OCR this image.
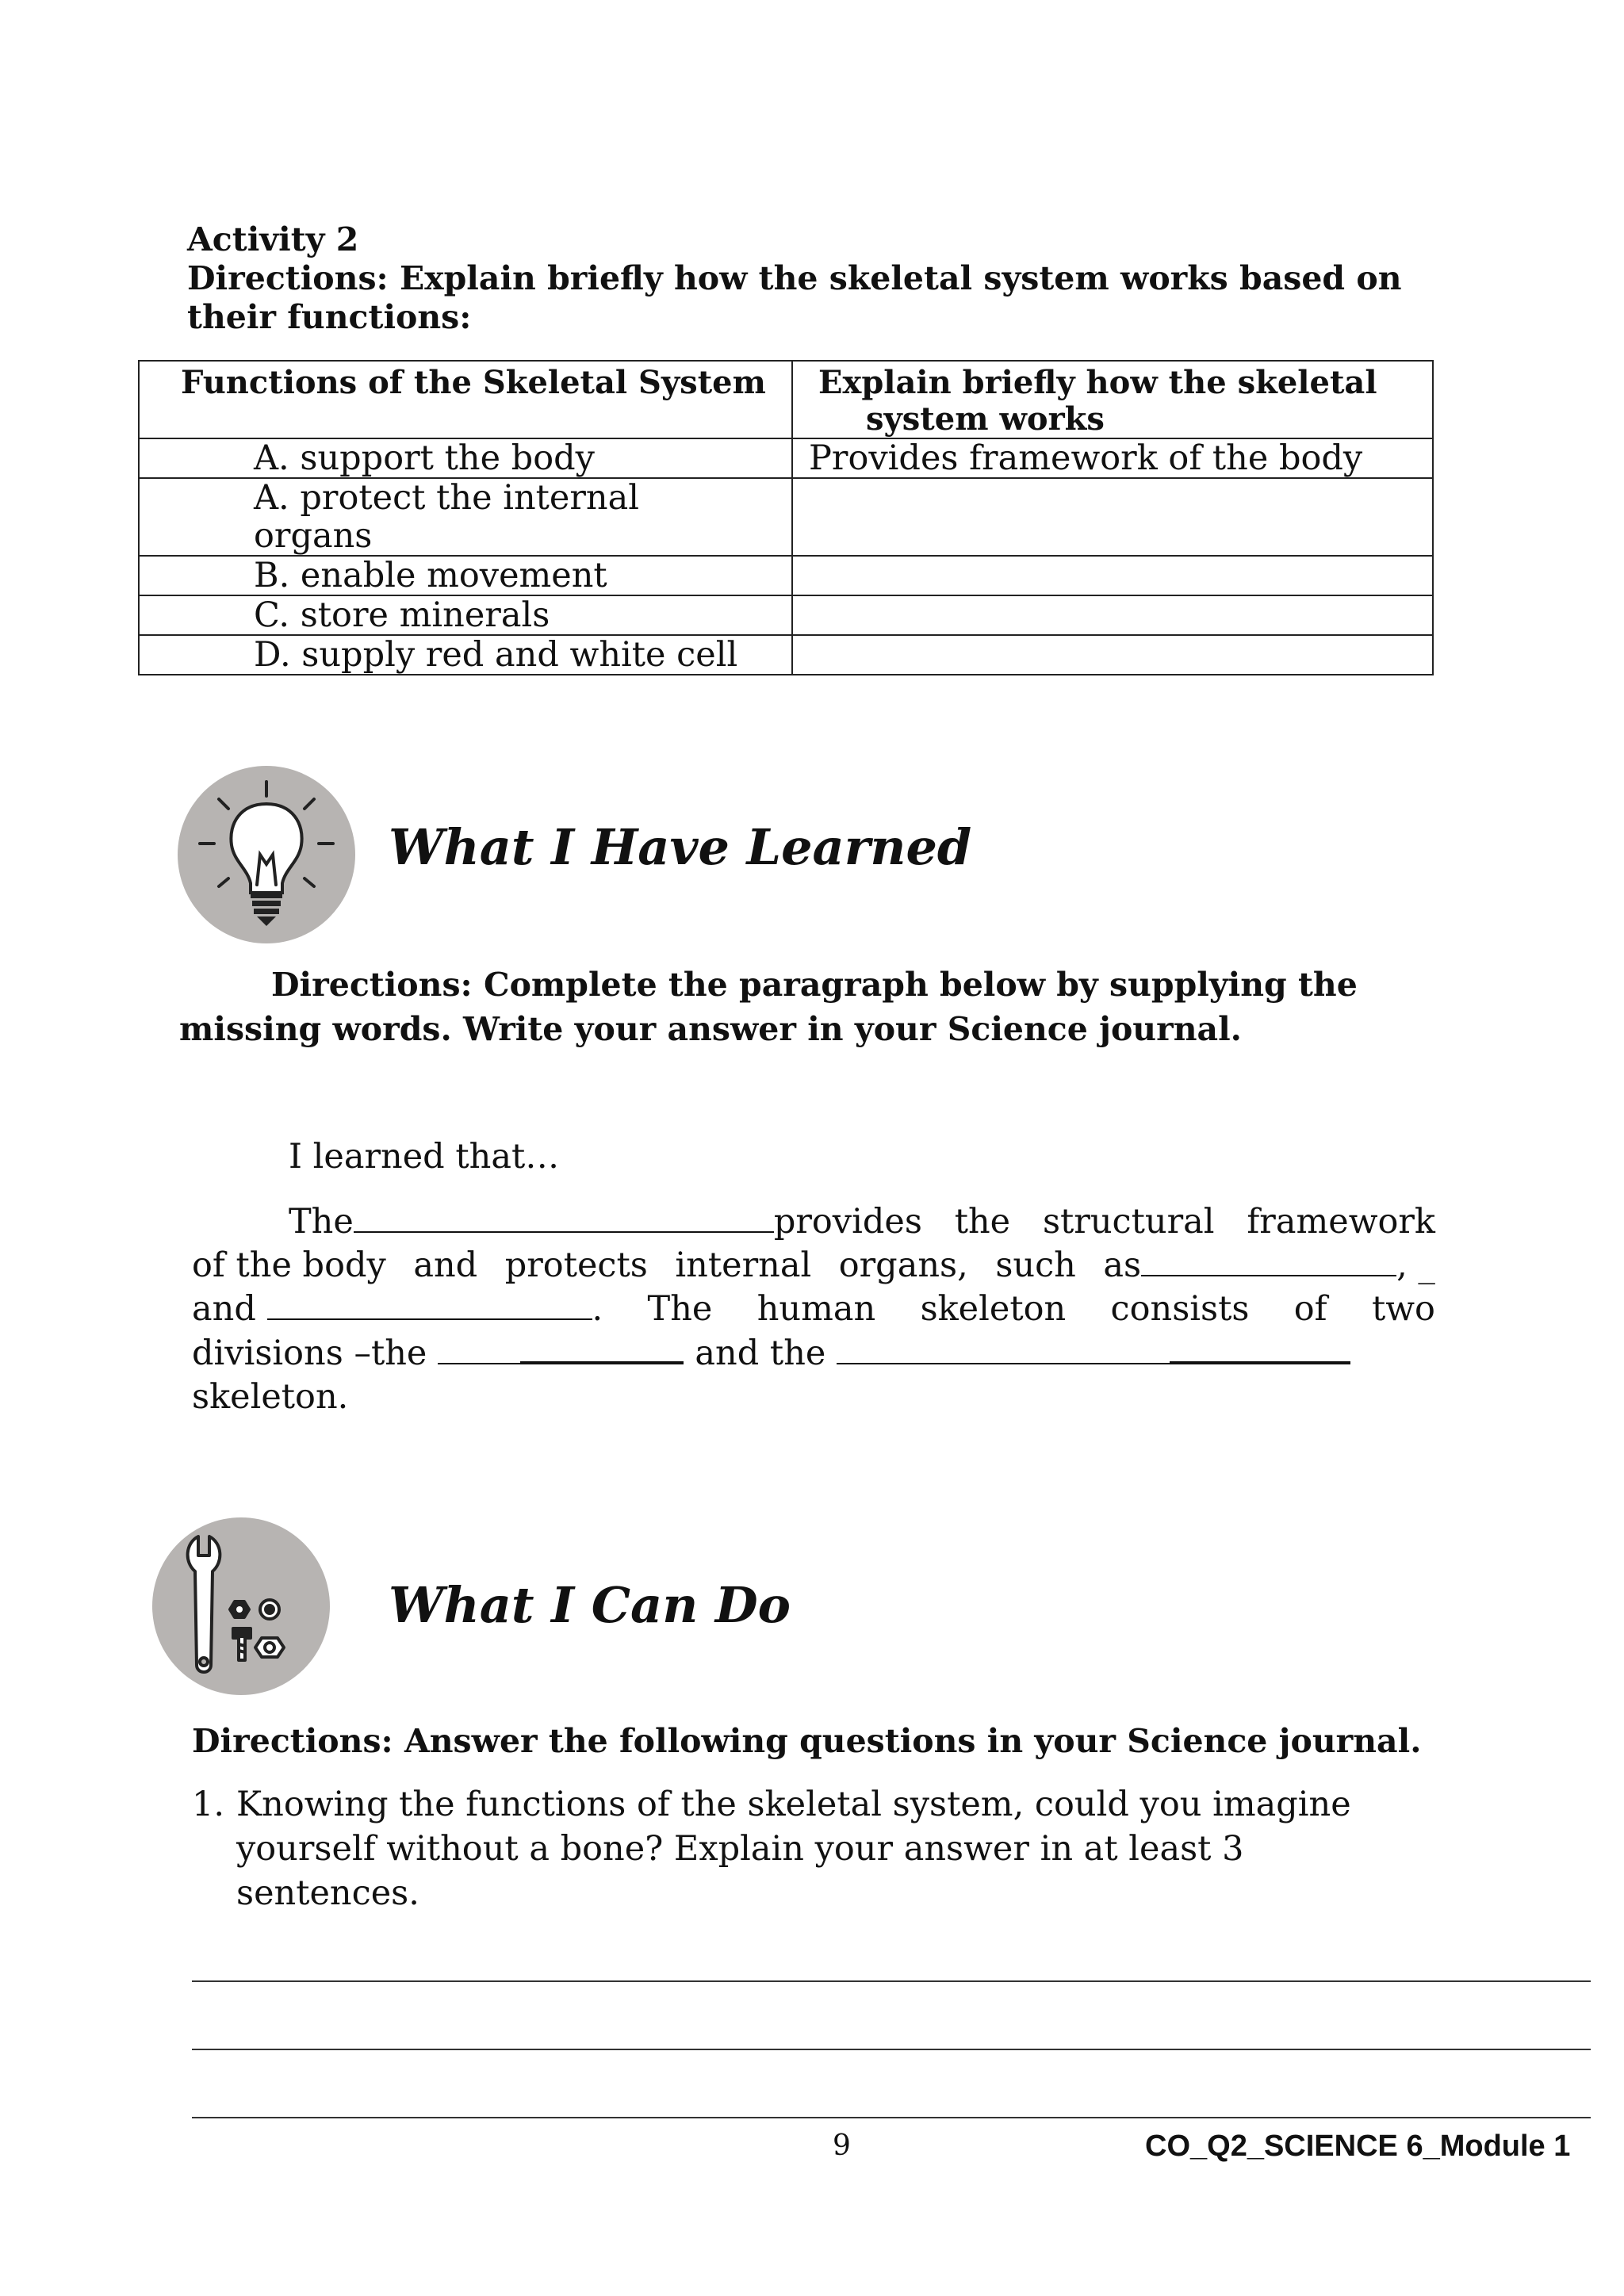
Activity 2
Directions: Explain briefly how the skeletal system works based on
their functions:
Functions of the Skeletal System	Explain briefly how the skeletal
system works

A. support the body	Provides framework of the body

A. protect the internal
organs	

B. enable movement	
C. store minerals	
D. supply red and white cell	
What I Have Learned
Directions: Complete the paragraph below by supplying the
missing words. Write your answer in your Science journal.
I learned that…
The	provides the structural framework
of the body and protects internal organs, such as	, _
and	. The human skeleton consists of two
divisions –the	and the
skeleton.
What I Can Do
Directions: Answer the following questions in your Science journal.
1. Knowing the functions of the skeletal system, could you imagine
yourself without a bone? Explain your answer in at least 3
sentences.
9	CO_Q2_SCIENCE 6_Module 1
